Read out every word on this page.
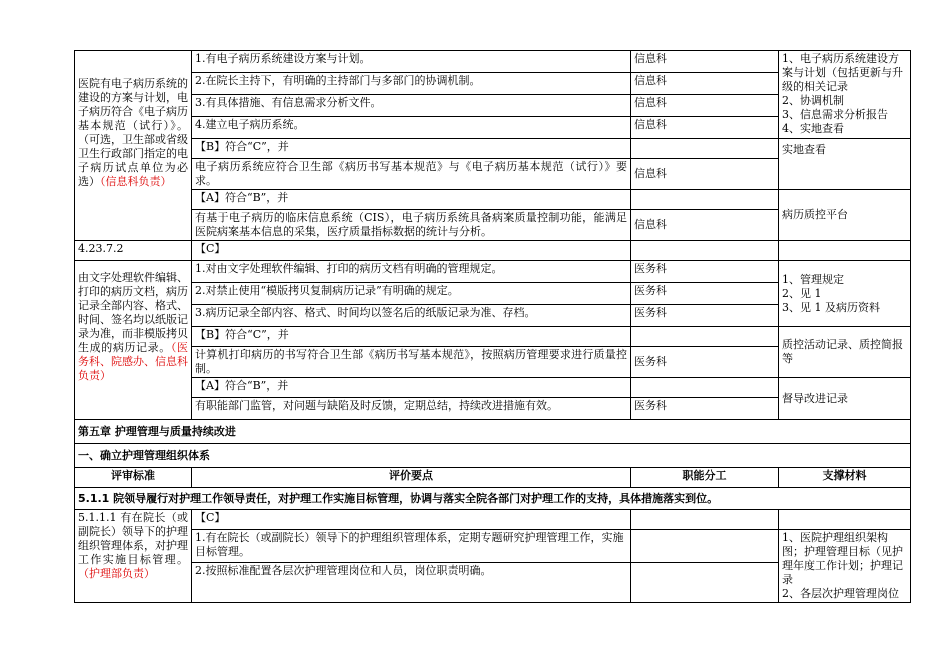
医院有电子病历系统的建设的方案与计划，电子病历符合《电子病历基本规范（试行）》。（可选，卫生部或省级卫生行政部门指定的电子病历试点单位为必选）（信息科负责）	1.有电子病历系统建设方案与计划。	信息科	1、电子病历系统建设方案与计划（包括更新与升级的相关记录
2、协调机制
3、信息需求分析报告
4、实地查看
	2.在院长主持下，有明确的主持部门与多部门的协调机制。	信息科	
	3.有具体措施、有信息需求分析文件。	信息科	
	4.建立电子病历系统。	信息科	
	【B】符合“C”，并		实地查看
	电子病历系统应符合卫生部《病历书写基本规范》与《电子病历基本规范（试行）》要求。	信息科	
	【A】符合“B”，并		病历质控平台
	有基于电子病历的临床信息系统（CIS），电子病历系统具备病案质量控制功能，能满足医院病案基本信息的采集，医疗质量指标数据的统计与分析。	信息科	
4.23.7.2	【C】		
由文字处理软件编辑、打印的病历文档，病历记录全部内容、格式、时间、签名均以纸版记录为准，而非模版拷贝生成的病历记录。（医务科、院感办、信息科负责）	1.对由文字处理软件编辑、打印的病历文档有明确的管理规定。	医务科	1、管理规定
2、见 1
3、见 1 及病历资料
	2.对禁止使用“模版拷贝复制病历记录”有明确的规定。	医务科	
	3.病历记录全部内容、格式、时间均以签名后的纸版记录为准、存档。	医务科	
	【B】符合“C”，并		质控活动记录、质控简报等
	计算机打印病历的书写符合卫生部《病历书写基本规范》，按照病历管理要求进行质量控制。	医务科	
	【A】符合“B”，并		督导改进记录
	有职能部门监管，对问题与缺陷及时反馈，定期总结，持续改进措施有效。	医务科	
第五章 护理管理与质量持续改进			
一、确立护理管理组织体系			
评审标准	评价要点	职能分工	支撑材料
5.1.1 院领导履行对护理工作领导责任，对护理工作实施目标管理，协调与落实全院各部门对护理工作的支持，具体措施落实到位。			
5.1.1.1 有在院长（或副院长）领导下的护理组织管理体系，对护理工作实施目标管理。（护理部负责）	【C】		
	1.有在院长（或副院长）领导下的护理组织管理体系，定期专题研究护理管理工作，实施目标管理。		1、医院护理组织架构图；护理管理目标（见护理年度工作计划；护理记录
2、各层次护理管理岗位
	2.按照标准配置各层次护理管理岗位和人员，岗位职责明确。		
